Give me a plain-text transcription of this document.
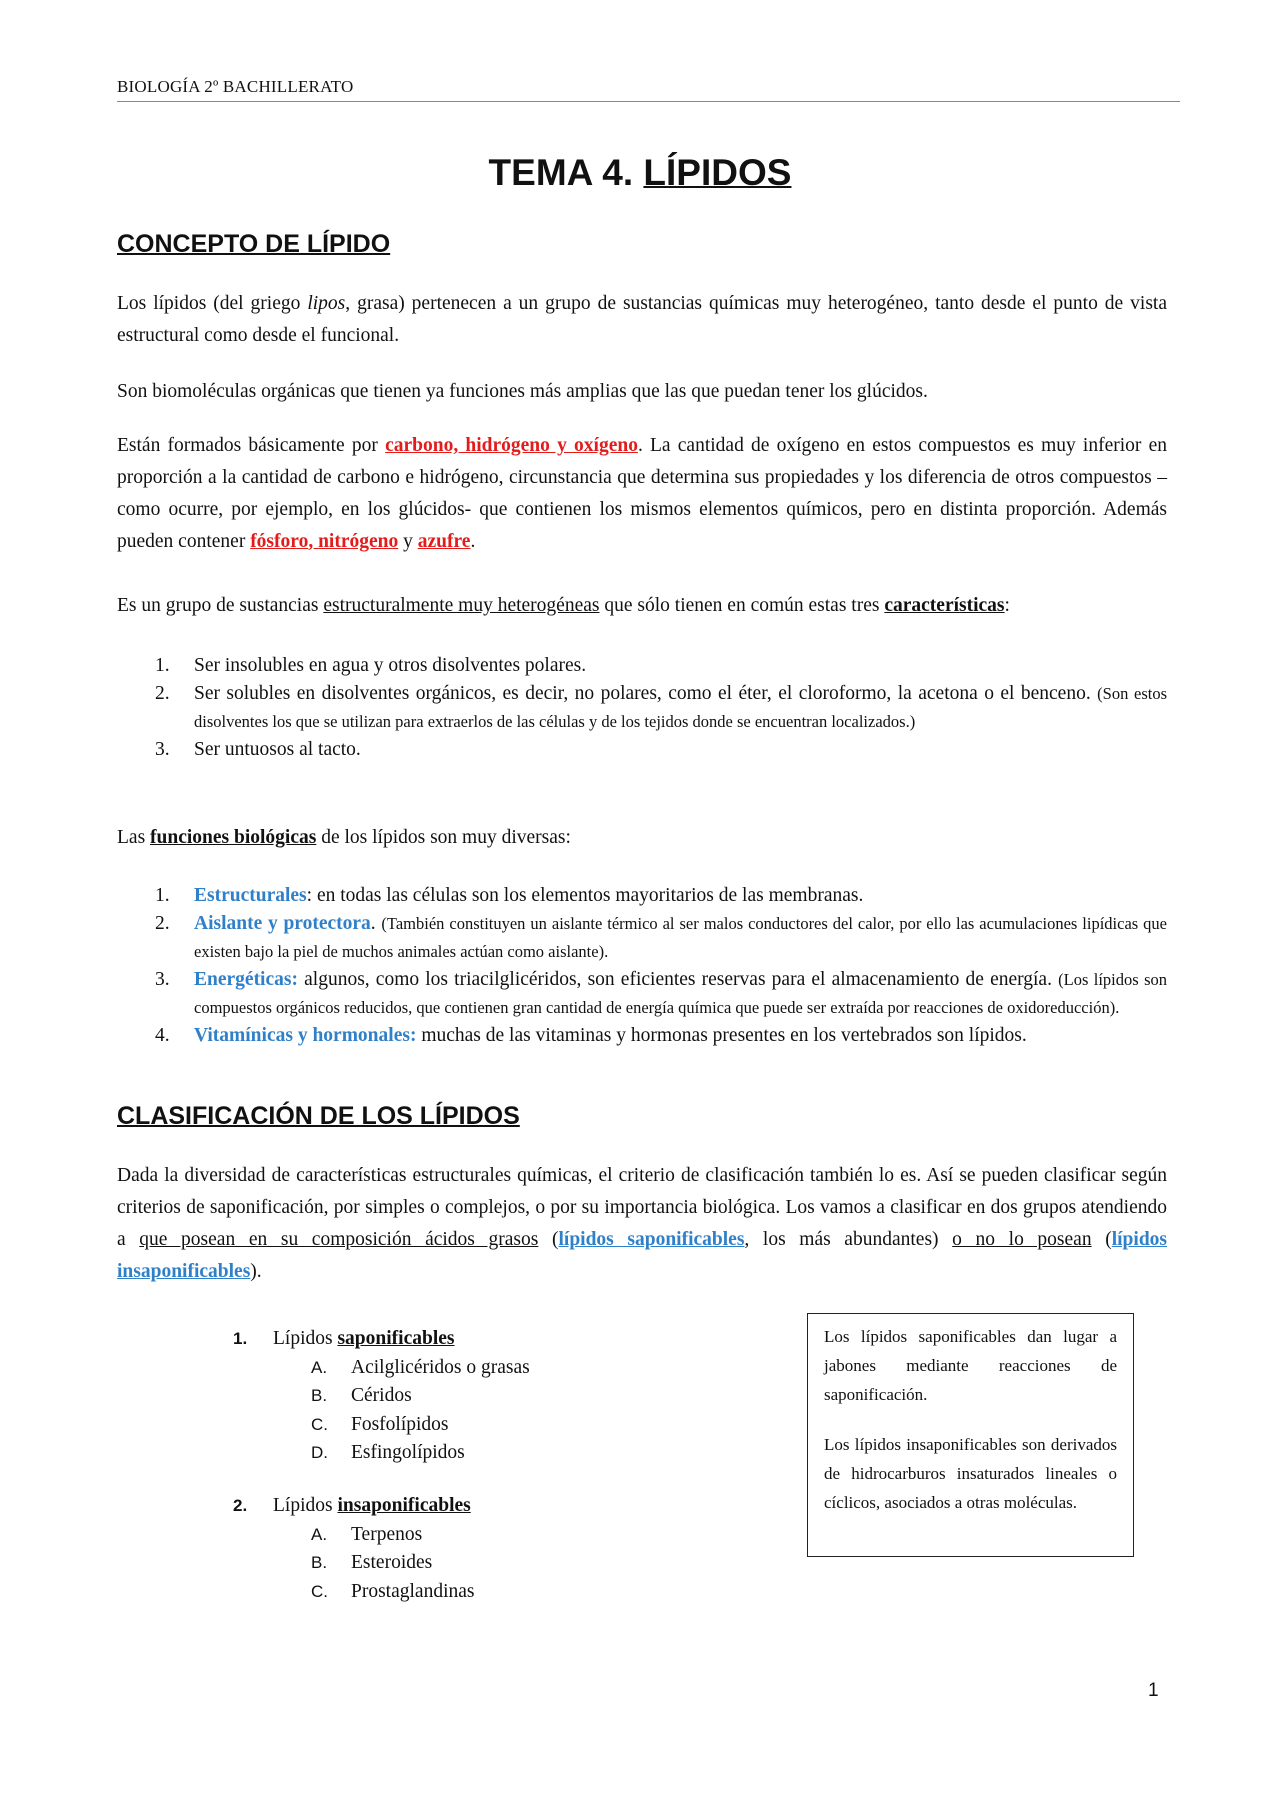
BIOLOGÍA 2º BACHILLERATO
TEMA 4. LÍPIDOS
CONCEPTO DE LÍPIDO
Los lípidos (del griego lipos, grasa) pertenecen a un grupo de sustancias químicas muy heterogéneo, tanto desde el punto de vista estructural como desde el funcional.
Son biomoléculas orgánicas que tienen ya funciones más amplias que las que puedan tener los glúcidos.
Están formados básicamente por carbono, hidrógeno y oxígeno. La cantidad de oxígeno en estos compuestos es muy inferior en proporción a la cantidad de carbono e hidrógeno, circunstancia que determina sus propiedades y los diferencia de otros compuestos –como ocurre, por ejemplo, en los glúcidos- que contienen los mismos elementos químicos, pero en distinta proporción. Además pueden contener fósforo, nitrógeno y azufre.
Es un grupo de sustancias estructuralmente muy heterogéneas que sólo tienen en común estas tres características:
1. Ser insolubles en agua y otros disolventes polares.
2. Ser solubles en disolventes orgánicos, es decir, no polares, como el éter, el cloroformo, la acetona o el benceno. (Son estos disolventes los que se utilizan para extraerlos de las células y de los tejidos donde se encuentran localizados.)
3. Ser untuosos al tacto.
Las funciones biológicas de los lípidos son muy diversas:
1. Estructurales: en todas las células son los elementos mayoritarios de las membranas.
2. Aislante y protectora. (También constituyen un aislante térmico al ser malos conductores del calor, por ello las acumulaciones lipídicas que existen bajo la piel de muchos animales actúan como aislante).
3. Energéticas: algunos, como los triacilglicéridos, son eficientes reservas para el almacenamiento de energía. (Los lípidos son compuestos orgánicos reducidos, que contienen gran cantidad de energía química que puede ser extraída por reacciones de oxidoreducción).
4. Vitamínicas y hormonales: muchas de las vitaminas y hormonas presentes en los vertebrados son lípidos.
CLASIFICACIÓN DE LOS LÍPIDOS
Dada la diversidad de características estructurales químicas, el criterio de clasificación también lo es. Así se pueden clasificar según criterios de saponificación, por simples o complejos, o por su importancia biológica. Los vamos a clasificar en dos grupos atendiendo a que posean en su composición ácidos grasos (lípidos saponificables, los más abundantes) o no lo posean (lípidos insaponificables).
1. Lípidos saponificables
A. Acilglicéridos o grasas
B. Céridos
C. Fosfolípidos
D. Esfingolípidos
2. Lípidos insaponificables
A. Terpenos
B. Esteroides
C. Prostaglandinas

Los lípidos saponificables dan lugar a jabones mediante reacciones de saponificación.

Los lípidos insaponificables son derivados de hidrocarburos insaturados lineales o cíclicos, asociados a otras moléculas.

1
